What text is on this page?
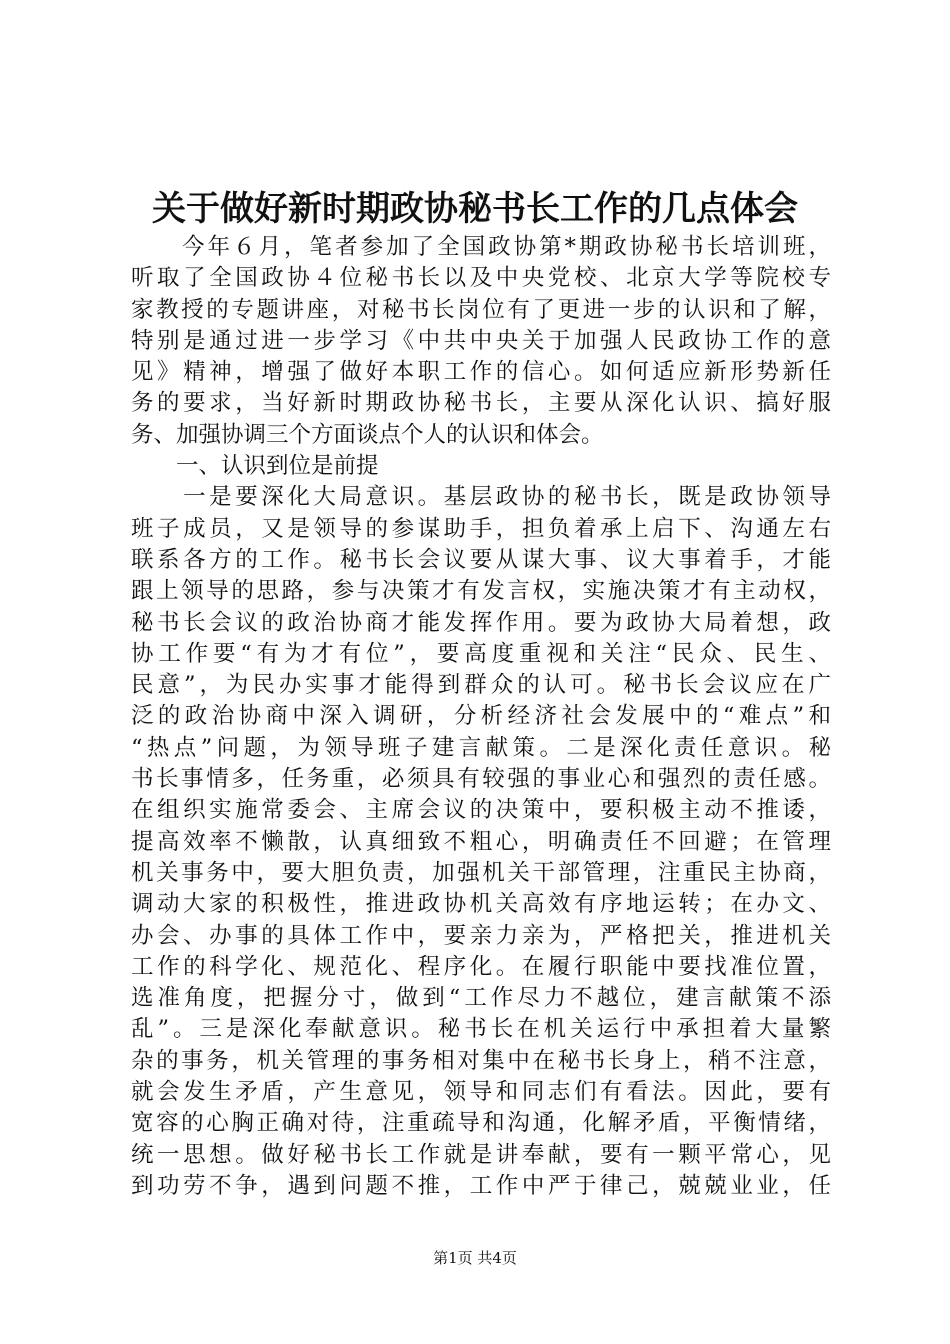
关于做好新时期政协秘书长工作的几点体会
　　今年６月，笔者参加了全国政协第*期政协秘书长培训班，
听取了全国政协４位秘书长以及中央党校、北京大学等院校专
家教授的专题讲座，对秘书长岗位有了更进一步的认识和了解，
特别是通过进一步学习《中共中央关于加强人民政协工作的意
见》精神，增强了做好本职工作的信心。如何适应新形势新任
务的要求，当好新时期政协秘书长，主要从深化认识、搞好服
务、加强协调三个方面谈点个人的认识和体会。
　　一、认识到位是前提
　　一是要深化大局意识。基层政协的秘书长，既是政协领导
班子成员，又是领导的参谋助手，担负着承上启下、沟通左右
联系各方的工作。秘书长会议要从谋大事、议大事着手，才能
跟上领导的思路，参与决策才有发言权，实施决策才有主动权，
秘书长会议的政治协商才能发挥作用。要为政协大局着想，政
协工作要“有为才有位”，要高度重视和关注“民众、民生、
民意”，为民办实事才能得到群众的认可。秘书长会议应在广
泛的政治协商中深入调研，分析经济社会发展中的“难点”和
“热点”问题，为领导班子建言献策。二是深化责任意识。秘
书长事情多，任务重，必须具有较强的事业心和强烈的责任感。
在组织实施常委会、主席会议的决策中，要积极主动不推诿，
提高效率不懒散，认真细致不粗心，明确责任不回避；在管理
机关事务中，要大胆负责，加强机关干部管理，注重民主协商，
调动大家的积极性，推进政协机关高效有序地运转；在办文、
办会、办事的具体工作中，要亲力亲为，严格把关，推进机关
工作的科学化、规范化、程序化。在履行职能中要找准位置，
选准角度，把握分寸，做到“工作尽力不越位，建言献策不添
乱”。三是深化奉献意识。秘书长在机关运行中承担着大量繁
杂的事务，机关管理的事务相对集中在秘书长身上，稍不注意，
就会发生矛盾，产生意见，领导和同志们有看法。因此，要有
宽容的心胸正确对待，注重疏导和沟通，化解矛盾，平衡情绪，
统一思想。做好秘书长工作就是讲奉献，要有一颗平常心，见
到功劳不争，遇到问题不推，工作中严于律己，兢兢业业，任
第1页 共4页
